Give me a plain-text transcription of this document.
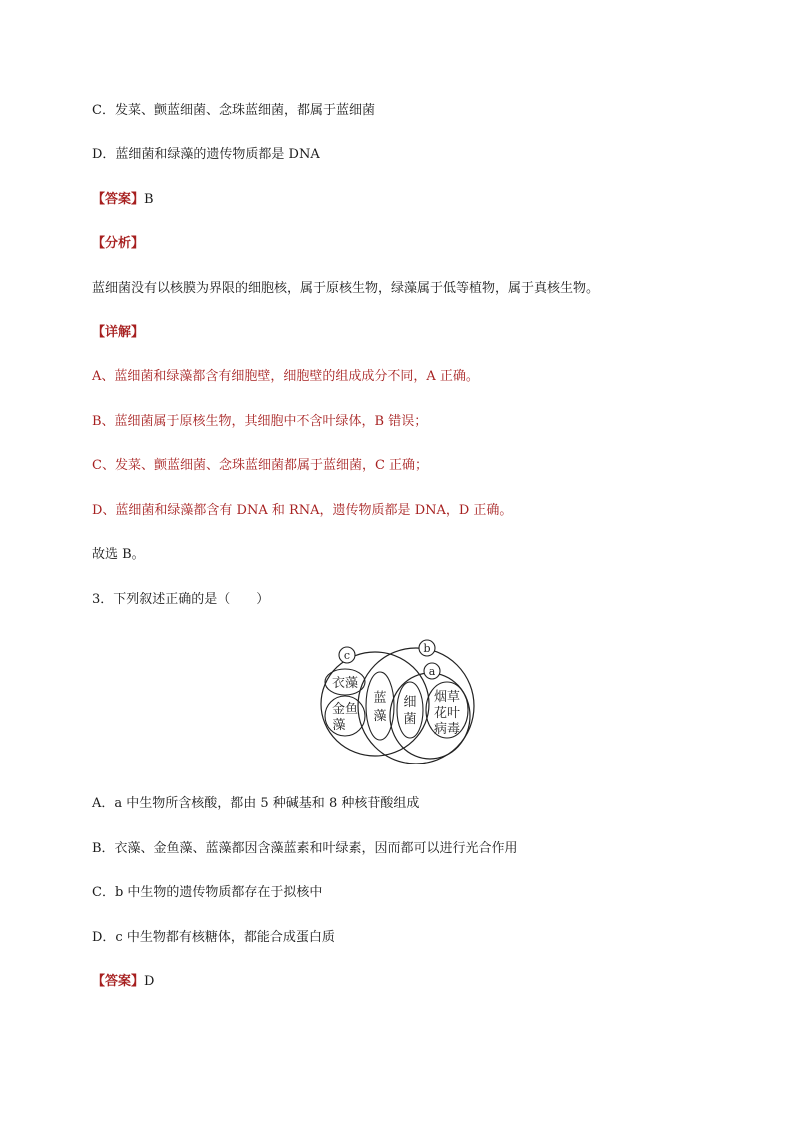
C．发菜、颤蓝细菌、念珠蓝细菌，都属于蓝细菌
D．蓝细菌和绿藻的遗传物质都是 DNA
【答案】B
【分析】
蓝细菌没有以核膜为界限的细胞核，属于原核生物，绿藻属于低等植物，属于真核生物。
【详解】
A、蓝细菌和绿藻都含有细胞壁，细胞壁的组成成分不同，A 正确。
B、蓝细菌属于原核生物，其细胞中不含叶绿体，B 错误；
C、发菜、颤蓝细菌、念珠蓝细菌都属于蓝细菌，C 正确；
D、蓝细菌和绿藻都含有 DNA 和 RNA，遗传物质都是 DNA，D 正确。
故选 B。
3．下列叙述正确的是（　　）
c
b
a
衣藻
金鱼
藻
蓝
藻
细
菌
烟草
花叶
病毒
A．a 中生物所含核酸，都由 5 种碱基和 8 种核苷酸组成
B．衣藻、金鱼藻、蓝藻都因含藻蓝素和叶绿素，因而都可以进行光合作用
C．b 中生物的遗传物质都存在于拟核中
D．c 中生物都有核糖体，都能合成蛋白质
【答案】D
